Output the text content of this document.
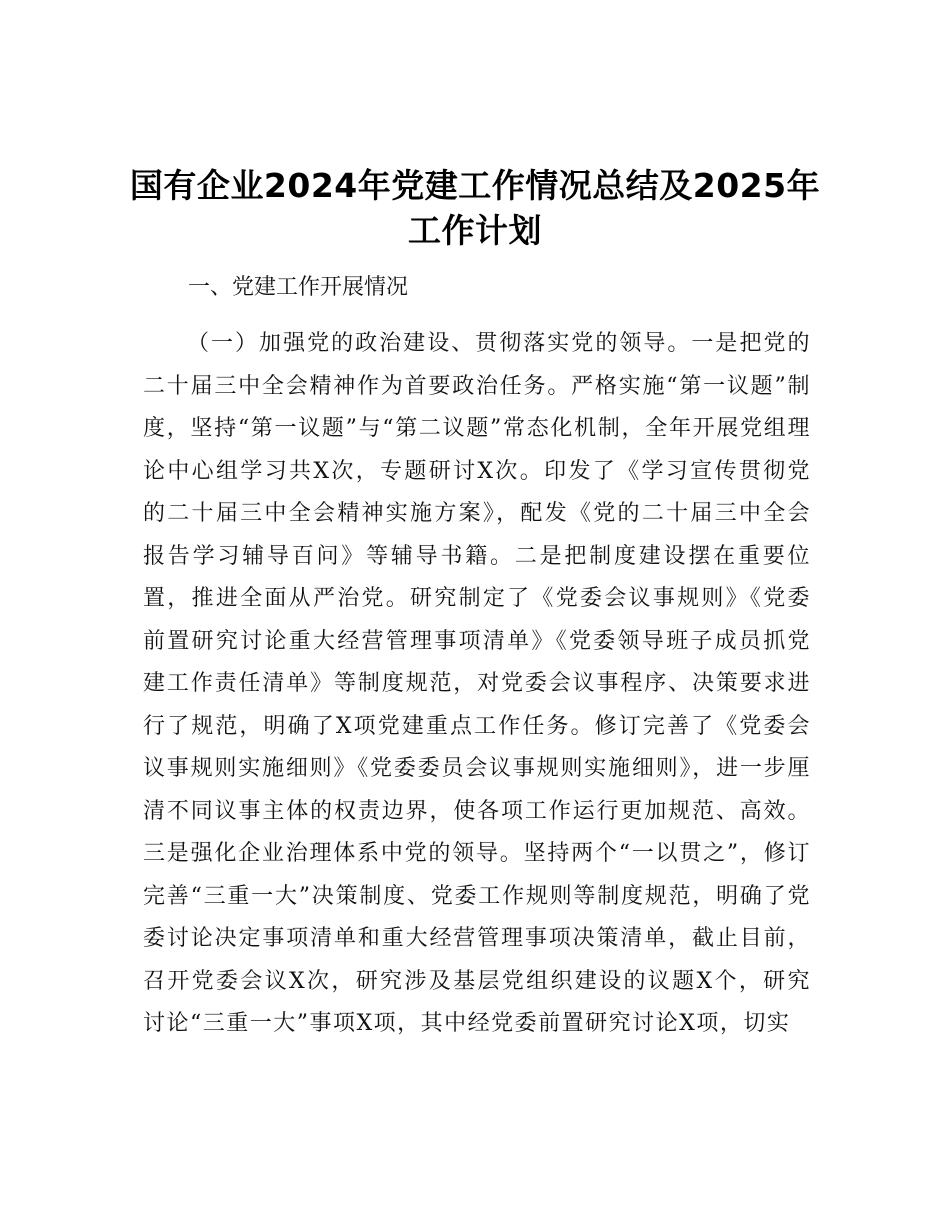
国有企业2024年党建工作情况总结及2025年工作计划

一、党建工作开展情况

（一）加强党的政治建设、贯彻落实党的领导。一是把党的二十届三中全会精神作为首要政治任务。严格实施“第一议题”制度，坚持“第一议题”与“第二议题”常态化机制，全年开展党组理论中心组学习共X次，专题研讨X次。印发了《学习宣传贯彻党的二十届三中全会精神实施方案》，配发《党的二十届三中全会报告学习辅导百问》等辅导书籍。二是把制度建设摆在重要位置，推进全面从严治党。研究制定了《党委会议事规则》《党委前置研究讨论重大经营管理事项清单》《党委领导班子成员抓党建工作责任清单》等制度规范，对党委会议事程序、决策要求进行了规范，明确了X项党建重点工作任务。修订完善了《党委会议事规则实施细则》《党委委员会议事规则实施细则》，进一步厘清不同议事主体的权责边界，使各项工作运行更加规范、高效。三是强化企业治理体系中党的领导。坚持两个“一以贯之”，修订完善“三重一大”决策制度、党委工作规则等制度规范，明确了党委讨论决定事项清单和重大经营管理事项决策清单，截止目前，召开党委会议X次，研究涉及基层党组织建设的议题X个，研究讨论“三重一大”事项X项，其中经党委前置研究讨论X项，切实
